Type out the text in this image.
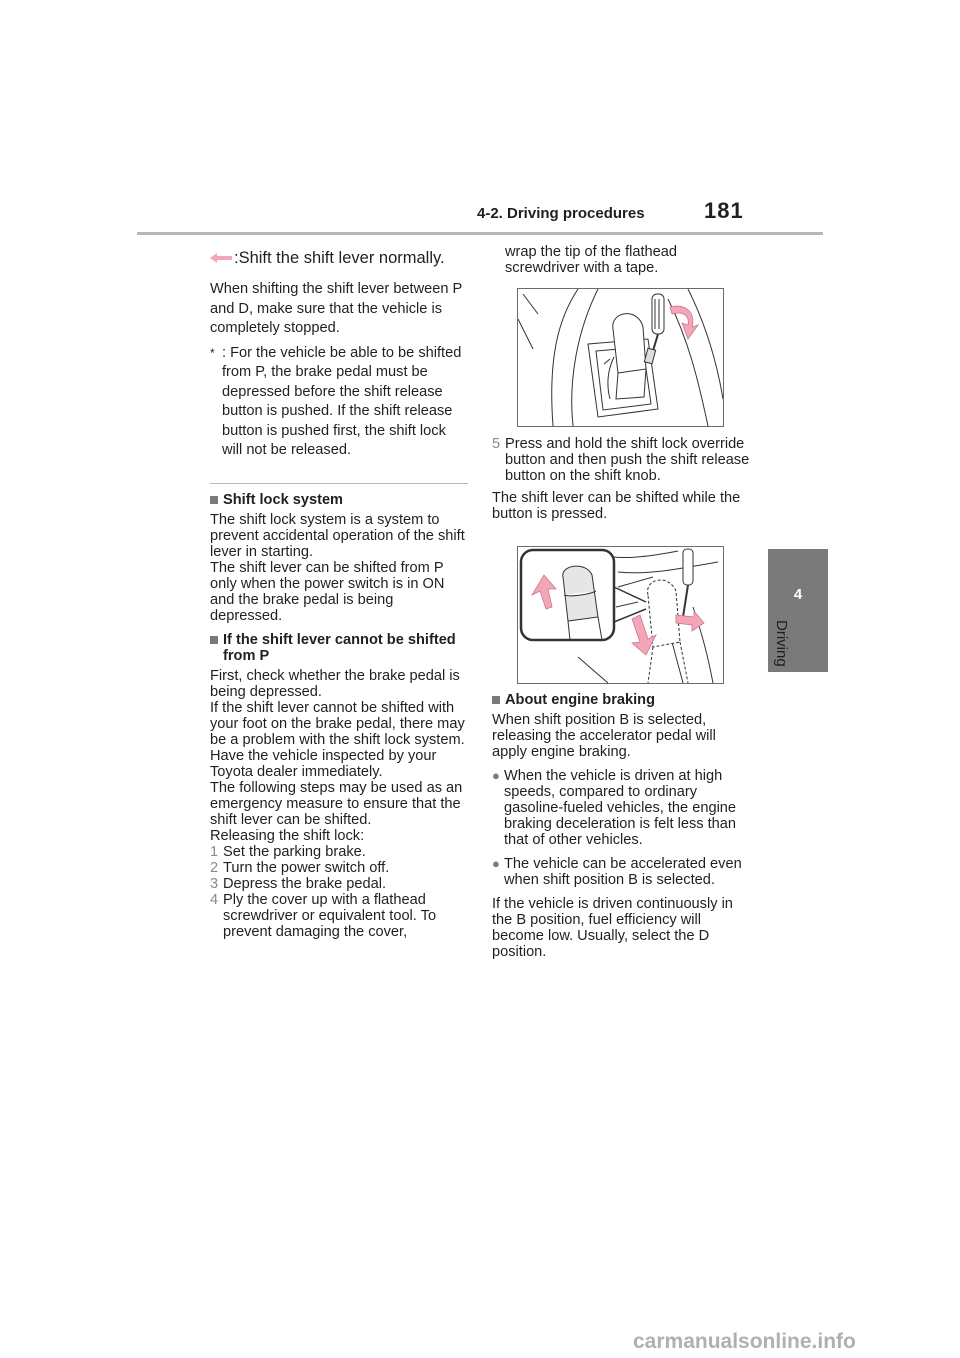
4-2. Driving procedures	181
4
Driving

:Shift the shift lever normally.

When shifting the shift lever between P and D, make sure that the vehicle is completely stopped.

* : For the vehicle be able to be shifted from P, the brake pedal must be depressed before the shift release button is pushed. If the shift release button is pushed first, the shift lock will not be released.

Shift lock system

The shift lock system is a system to prevent accidental operation of the shift lever in starting.

The shift lever can be shifted from P only when the power switch is in ON and the brake pedal is being depressed.

If the shift lever cannot be shifted from P

First, check whether the brake pedal is being depressed.

If the shift lever cannot be shifted with your foot on the brake pedal, there may be a problem with the shift lock system. Have the vehicle inspected by your Toyota dealer immediately.

The following steps may be used as an emergency measure to ensure that the shift lever can be shifted.

Releasing the shift lock:

1 Set the parking brake.
2 Turn the power switch off.
3 Depress the brake pedal.
4 Ply the cover up with a flathead screwdriver or equivalent tool. To prevent damaging the cover,
wrap the tip of the flathead screwdriver with a tape.
5 Press and hold the shift lock override button and then push the shift release button on the shift knob.

The shift lever can be shifted while the button is pressed.

About engine braking

When shift position B is selected, releasing the accelerator pedal will apply engine braking.

● When the vehicle is driven at high speeds, compared to ordinary gasoline-fueled vehicles, the engine braking deceleration is felt less than that of other vehicles.
● The vehicle can be accelerated even when shift position B is selected.

If the vehicle is driven continuously in the B position, fuel efficiency will become low. Usually, select the D position.

carmanualsonline.info
